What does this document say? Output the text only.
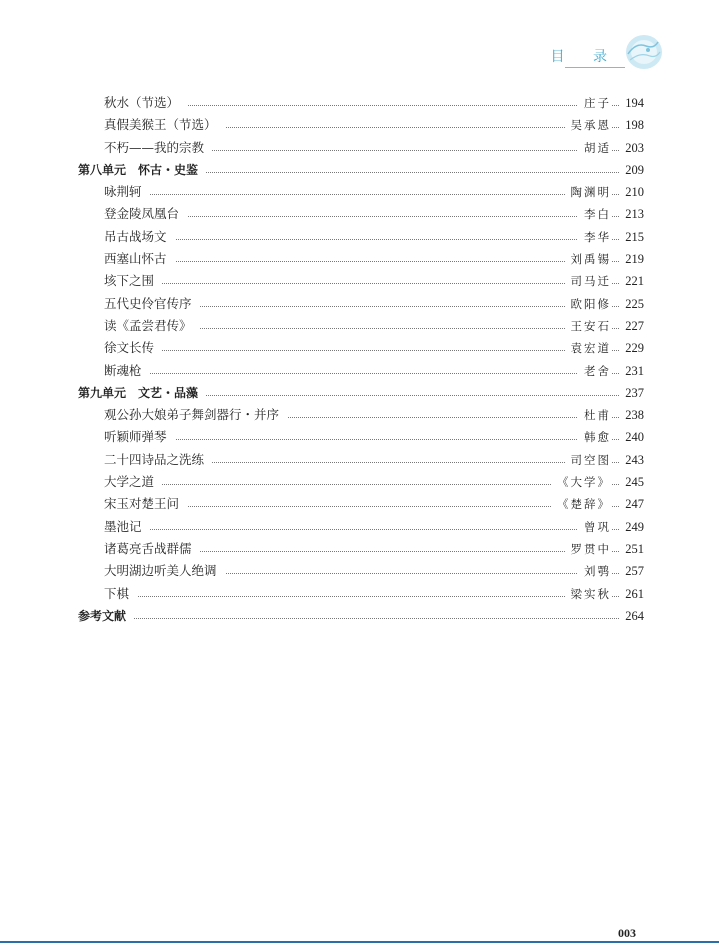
目 录
秋水（节选）	庄子	194
真假美猴王（节选）	吴承恩	198
不朽——我的宗教	胡适	203
第八单元　怀古・史鉴	209
咏荆轲	陶渊明	210
登金陵凤凰台	李白	213
吊古战场文	李华	215
西塞山怀古	刘禹锡	219
垓下之围	司马迁	221
五代史伶官传序	欧阳修	225
读《孟尝君传》	王安石	227
徐文长传	袁宏道	229
断魂枪	老舍	231
第九单元　文艺・品藻	237
观公孙大娘弟子舞剑器行・并序	杜甫	238
听颖师弹琴	韩愈	240
二十四诗品之洗练	司空图	243
大学之道	《大学》	245
宋玉对楚王问	《楚辞》	247
墨池记	曾巩	249
诸葛亮舌战群儒	罗贯中	251
大明湖边听美人绝调	刘鹗	257
下棋	梁实秋	261
参考文献	264
003
